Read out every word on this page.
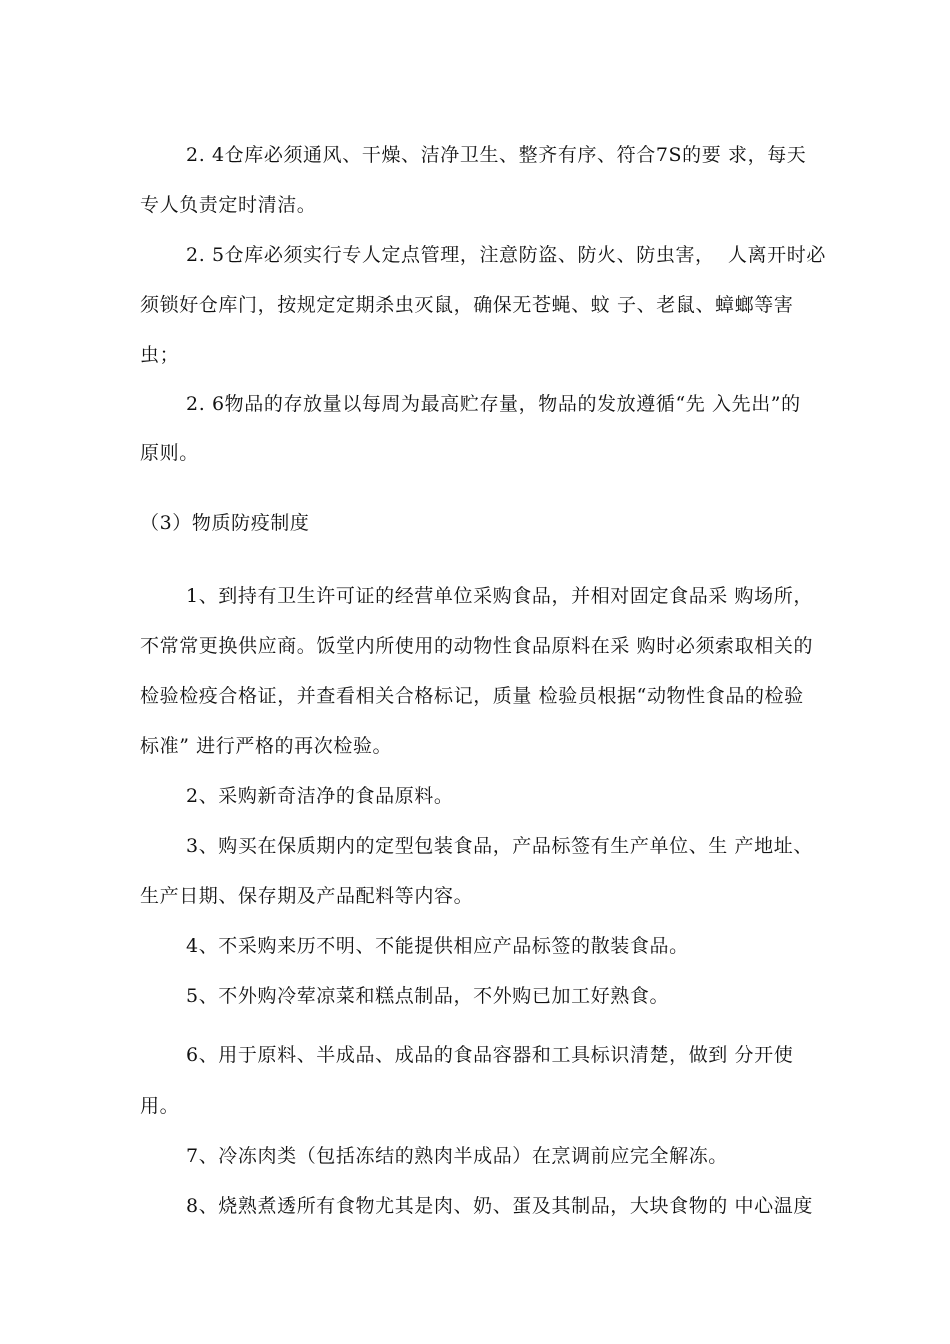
2. 4仓库必须通风、干燥、洁净卫生、整齐有序、符合7S的要 求，每天
专人负责定时清洁。
2. 5仓库必须实行专人定点管理，注意防盗、防火、防虫害，  人离开时必
须锁好仓库门，按规定定期杀虫灭鼠，确保无苍蝇、蚊 子、老鼠、蟑螂等害
虫；
2. 6物品的存放量以每周为最高贮存量，物品的发放遵循“先 入先出”的
原则。
（3）物质防疫制度
1、到持有卫生许可证的经营单位采购食品，并相对固定食品采 购场所，
不常常更换供应商。饭堂内所使用的动物性食品原料在采 购时必须索取相关的
检验检疫合格证，并查看相关合格标记，质量 检验员根据“动物性食品的检验
标准” 进行严格的再次检验。
2、采购新奇洁净的食品原料。
3、购买在保质期内的定型包装食品，产品标签有生产单位、生 产地址、
生产日期、保存期及产品配料等内容。
4、不采购来历不明、不能提供相应产品标签的散装食品。
5、不外购冷荤凉菜和糕点制品，不外购已加工好熟食。
6、用于原料、半成品、成品的食品容器和工具标识清楚，做到 分开使
用。
7、冷冻肉类（包括冻结的熟肉半成品）在烹调前应完全解冻。
8、烧熟煮透所有食物尤其是肉、奶、蛋及其制品，大块食物的 中心温度
